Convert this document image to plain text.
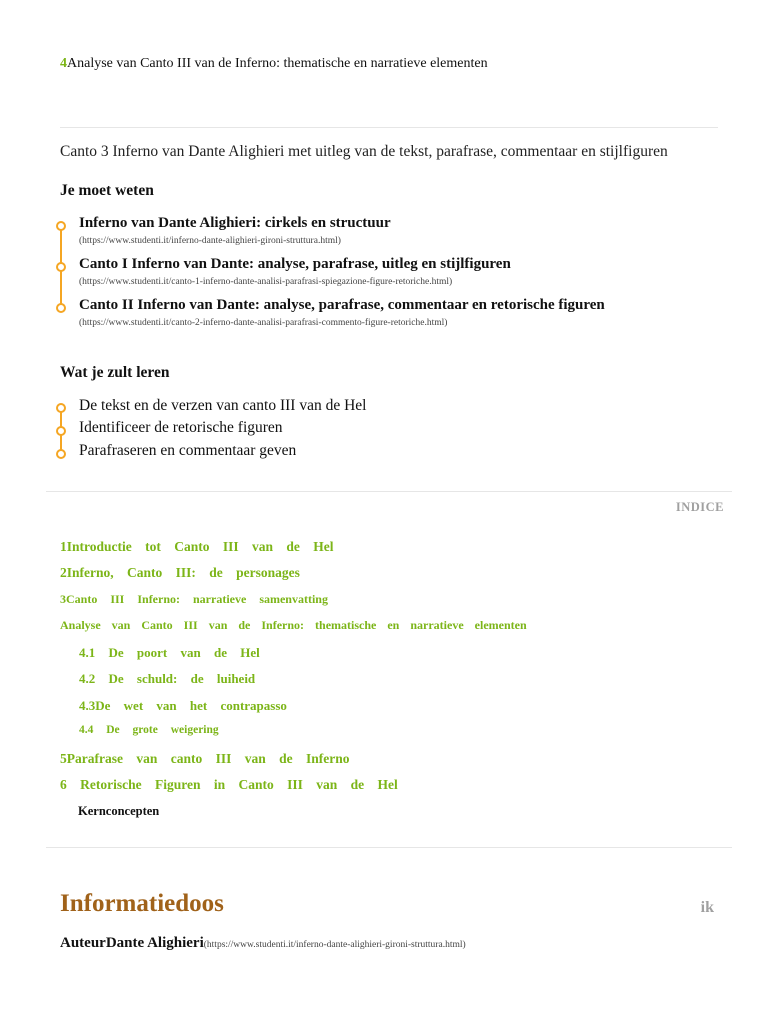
4Analyse van Canto III van de Inferno: thematische en narratieve elementen
Canto 3 Inferno van Dante Alighieri met uitleg van de tekst, parafrase, commentaar en stijlfiguren
Je moet weten
Inferno van Dante Alighieri: cirkels en structuur
(https://www.studenti.it/inferno-dante-alighieri-gironi-struttura.html)
Canto I Inferno van Dante: analyse, parafrase, uitleg en stijlfiguren
(https://www.studenti.it/canto-1-inferno-dante-analisi-parafrasi-spiegazione-figure-retoriche.html)
Canto II Inferno van Dante: analyse, parafrase, commentaar en retorische figuren
(https://www.studenti.it/canto-2-inferno-dante-analisi-parafrasi-commento-figure-retoriche.html)
Wat je zult leren
De tekst en de verzen van canto III van de Hel
Identificeer de retorische figuren
Parafraseren en commentaar geven
INDICE
1Introductie tot Canto III van de Hel
2Inferno, Canto III: de personages
3Canto III Inferno: narratieve samenvatting
Analyse van Canto III van de Inferno: thematische en narratieve elementen
4.1 De poort van de Hel
4.2 De schuld: de luiheid
4.3De wet van het contrapasso
4.4 De grote weigering
5Parafrase van canto III van de Inferno
6 Retorische Figuren in Canto III van de Hel
Kernconcepten
Informatiedoos	ik
AuteurDante Alighieri(https://www.studenti.it/inferno-dante-alighieri-gironi-struttura.html)
